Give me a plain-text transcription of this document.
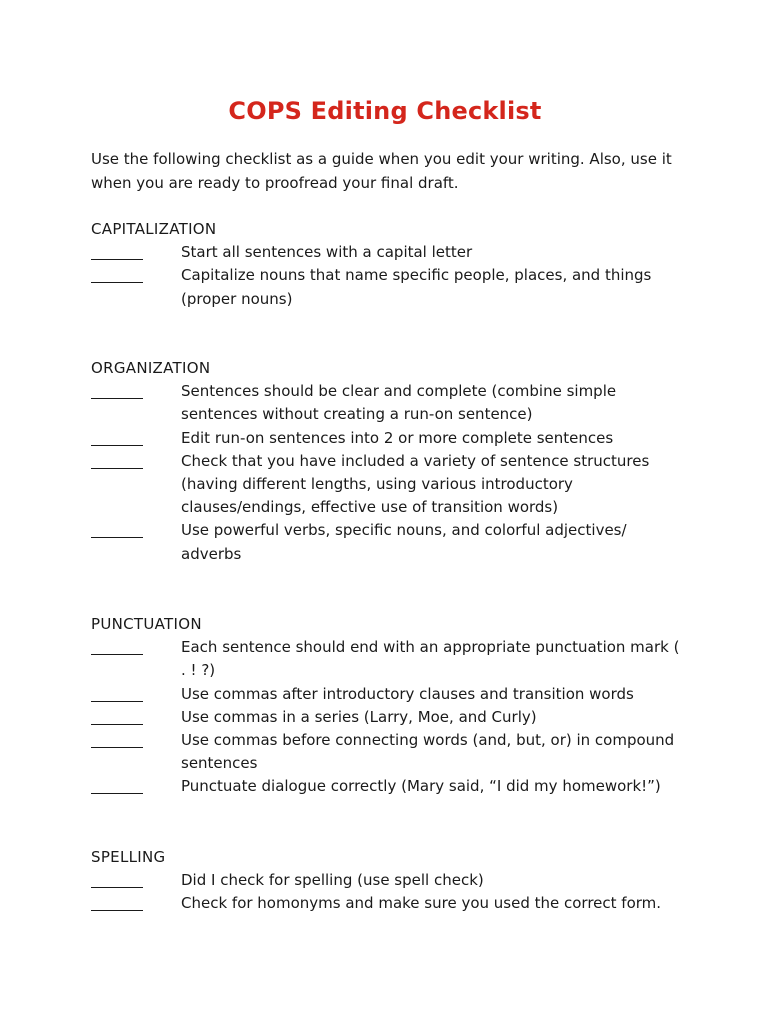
COPS Editing Checklist
Use the following checklist as a guide when you edit your writing. Also, use it when you are ready to proofread your final draft.
CAPITALIZATION
Start all sentences with a capital letter
Capitalize nouns that name specific people, places, and things (proper nouns)
ORGANIZATION
Sentences should be clear and complete (combine simple sentences without creating a run-on sentence)
Edit run-on sentences into 2 or more complete sentences
Check that you have included a variety of sentence structures (having different lengths, using various introductory clauses/endings, effective use of transition words)
Use powerful verbs, specific nouns, and colorful adjectives/ adverbs
PUNCTUATION
Each sentence should end with an appropriate punctuation mark ( . ! ?)
Use commas after introductory clauses and transition words
Use commas in a series (Larry, Moe, and Curly)
Use commas before connecting words (and, but, or) in compound sentences
Punctuate dialogue correctly (Mary said, “I did my homework!”)
SPELLING
Did I check for spelling (use spell check)
Check for homonyms and make sure you used the correct form.
